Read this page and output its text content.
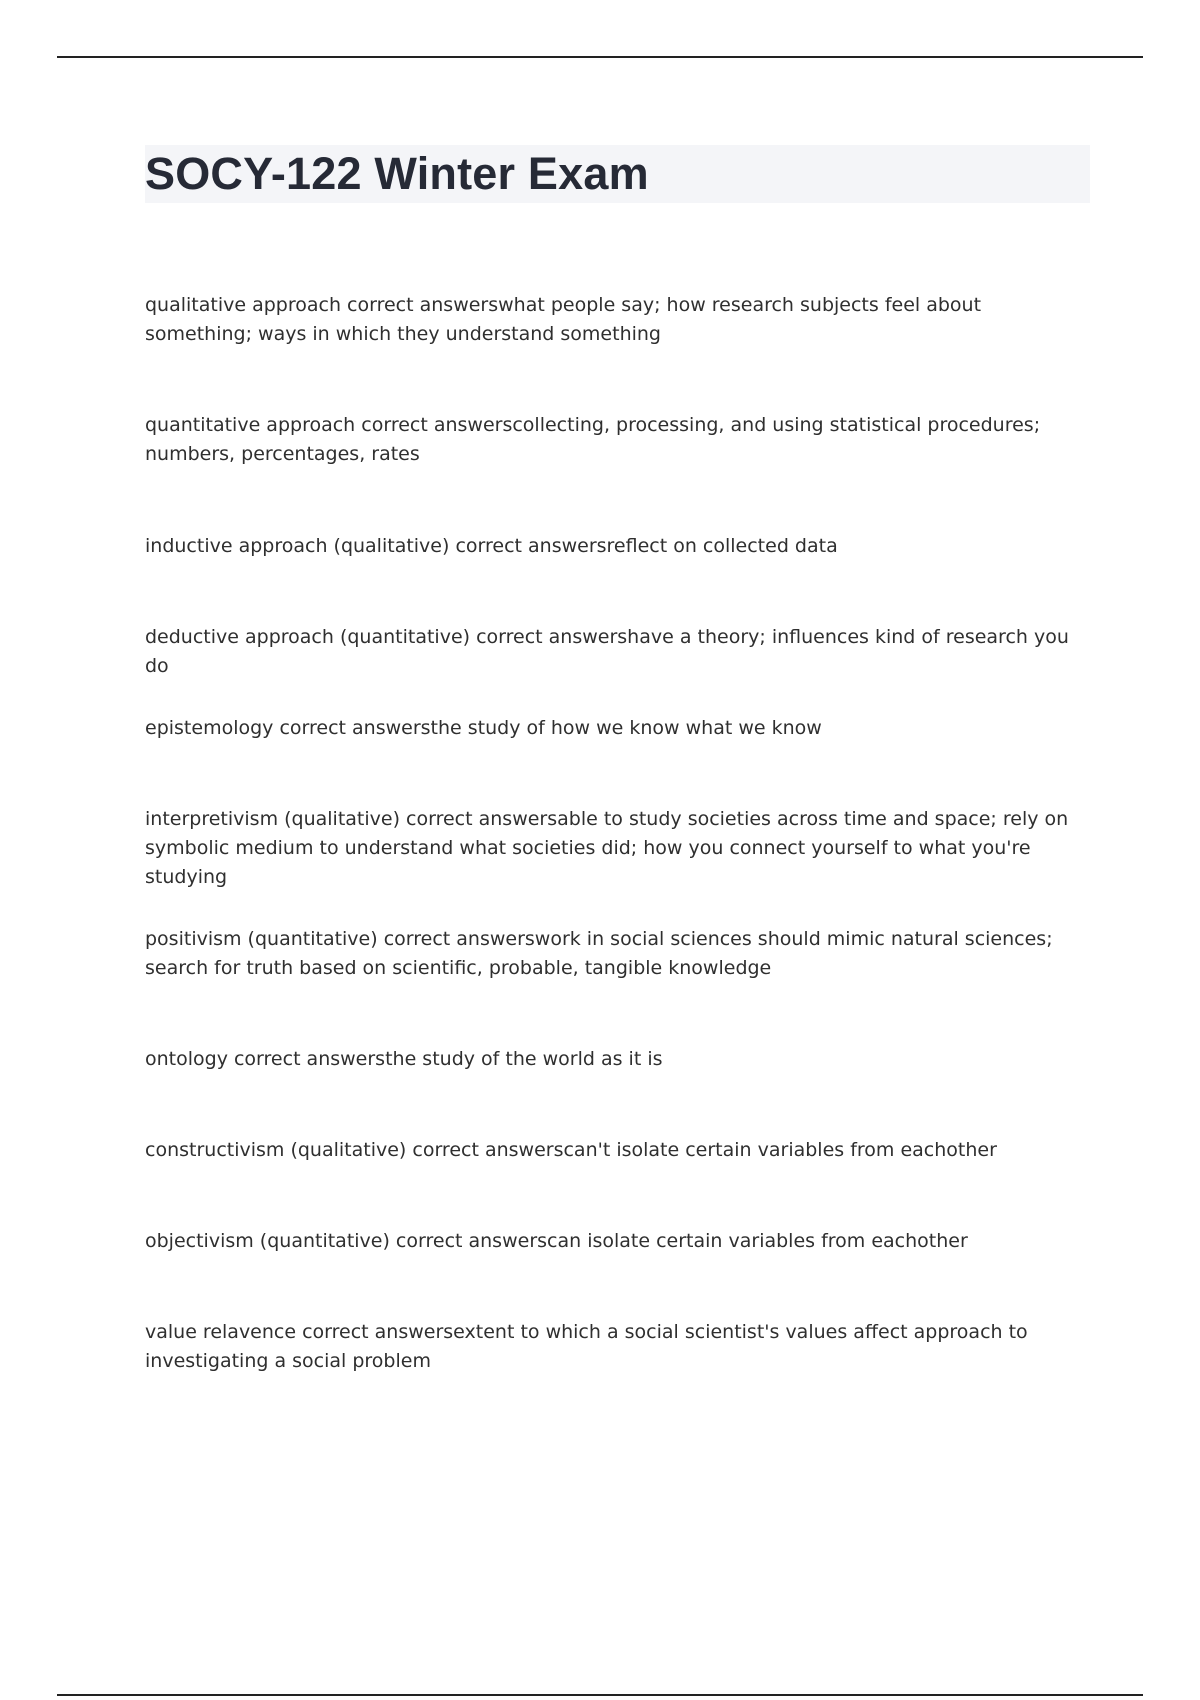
SOCY-122 Winter Exam
qualitative approach correct answerswhat people say; how research subjects feel about something; ways in which they understand something
quantitative approach correct answerscollecting, processing, and using statistical procedures; numbers, percentages, rates
inductive approach (qualitative) correct answersreflect on collected data
deductive approach (quantitative) correct answershave a theory; influences kind of research you do
epistemology correct answersthe study of how we know what we know
interpretivism (qualitative) correct answersable to study societies across time and space; rely on symbolic medium to understand what societies did; how you connect yourself to what you're studying
positivism (quantitative) correct answerswork in social sciences should mimic natural sciences; search for truth based on scientific, probable, tangible knowledge
ontology correct answersthe study of the world as it is
constructivism (qualitative) correct answerscan't isolate certain variables from eachother
objectivism (quantitative) correct answerscan isolate certain variables from eachother
value relavence correct answersextent to which a social scientist's values affect approach to investigating a social problem
